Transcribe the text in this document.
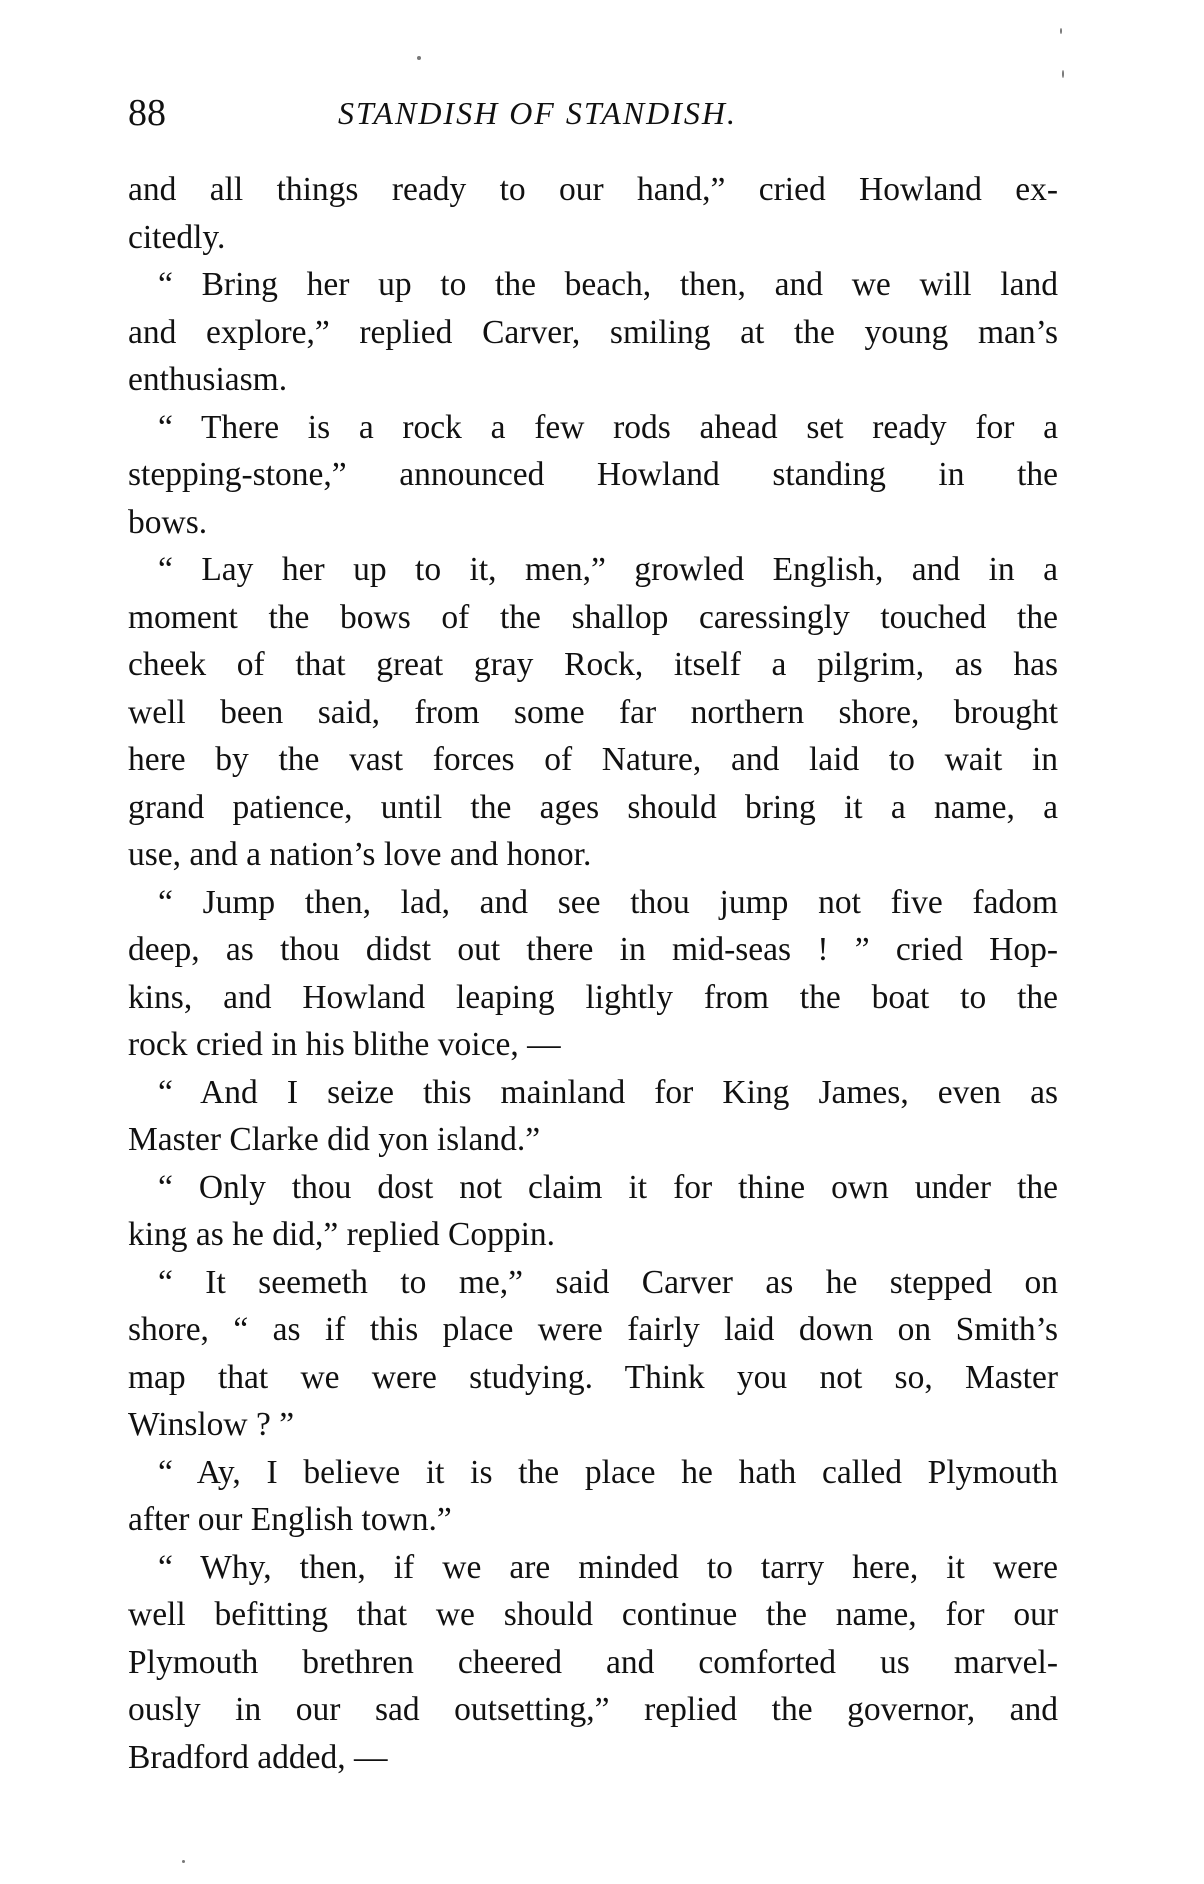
88	STANDISH OF STANDISH.
and all things ready to our hand,” cried Howland ex-
citedly.
“ Bring her up to the beach, then, and we will land
and explore,” replied Carver, smiling at the young man’s
enthusiasm.
“ There is a rock a few rods ahead set ready for a
stepping-stone,” announced Howland standing in the
bows.
“ Lay her up to it, men,” growled English, and in a
moment the bows of the shallop caressingly touched the
cheek of that great gray Rock, itself a pilgrim, as has
well been said, from some far northern shore, brought
here by the vast forces of Nature, and laid to wait in
grand patience, until the ages should bring it a name, a
use, and a nation’s love and honor.
“ Jump then, lad, and see thou jump not five fadom
deep, as thou didst out there in mid-seas ! ” cried Hop-
kins, and Howland leaping lightly from the boat to the
rock cried in his blithe voice, —
“ And I seize this mainland for King James, even as
Master Clarke did yon island.”
“ Only thou dost not claim it for thine own under the
king as he did,” replied Coppin.
“ It seemeth to me,” said Carver as he stepped on
shore, “ as if this place were fairly laid down on Smith’s
map that we were studying. Think you not so, Master
Winslow ? ”
“ Ay, I believe it is the place he hath called Plymouth
after our English town.”
“ Why, then, if we are minded to tarry here, it were
well befitting that we should continue the name, for our
Plymouth brethren cheered and comforted us marvel-
ously in our sad outsetting,” replied the governor, and
Bradford added, —
